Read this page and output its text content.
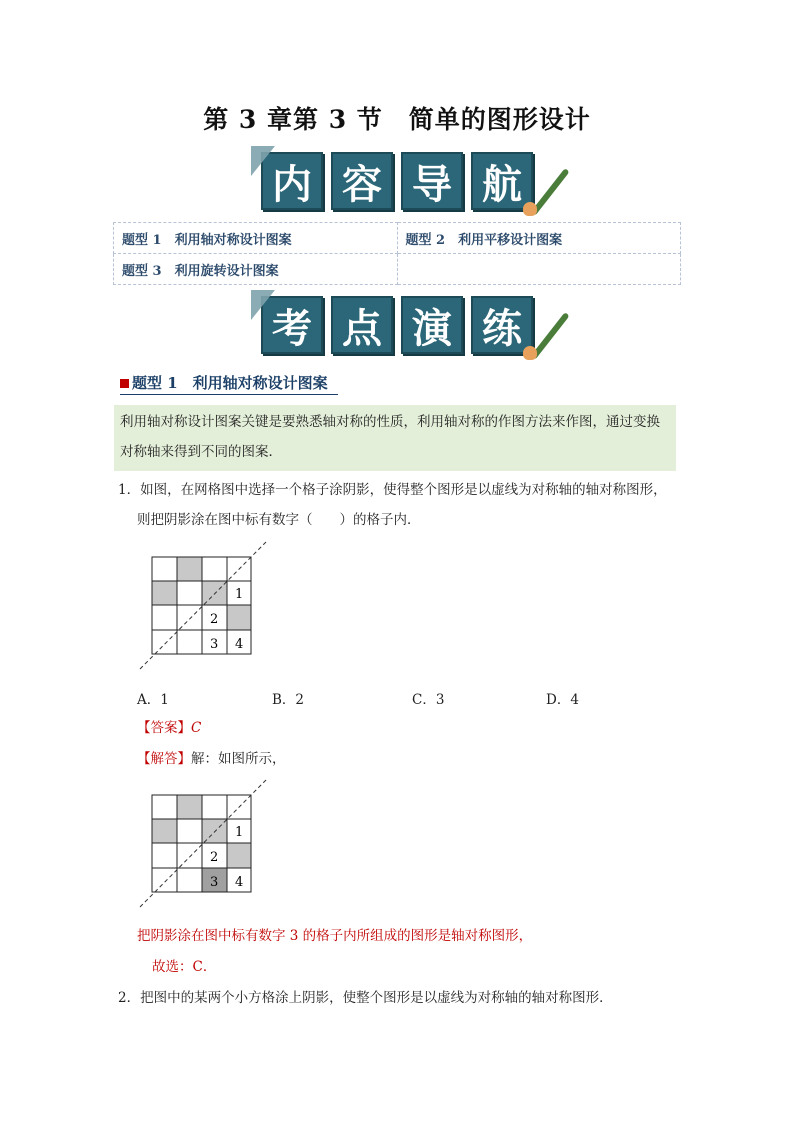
第 3 章第 3 节　简单的图形设计
内 容 导 航
题型 1　利用轴对称设计图案	题型 2　利用平移设计图案
题型 3　利用旋转设计图案	
考 点 演 练
题型 1　利用轴对称设计图案
利用轴对称设计图案关键是要熟悉轴对称的性质，利用轴对称的作图方法来作图，通过变换对称轴来得到不同的图案．
1．如图，在网格图中选择一个格子涂阴影，使得整个图形是以虚线为对称轴的轴对称图形，
则把阴影涂在图中标有数字（　　）的格子内．
1
2
3 4
A．1	B．2	C．3	D．4
【答案】C
【解答】解：如图所示，
1
2
3 4
把阴影涂在图中标有数字 3 的格子内所组成的图形是轴对称图形，
故选：C．
2．把图中的某两个小方格涂上阴影，使整个图形是以虚线为对称轴的轴对称图形．
